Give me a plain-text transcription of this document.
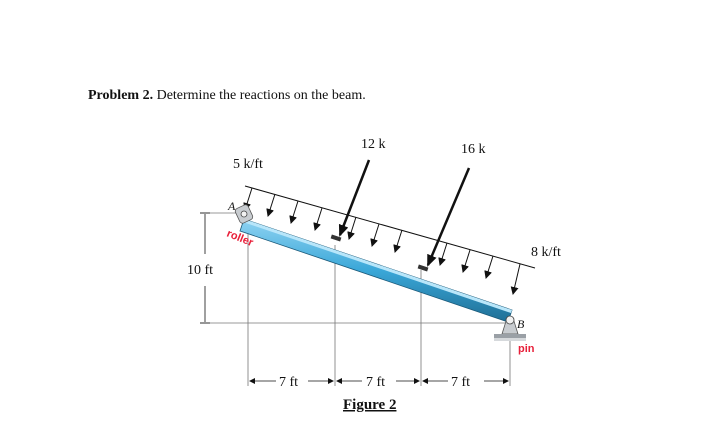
Problem 2. Determine the reactions on the beam.
5 k/ft
8 k/ft
12 k	16 k
10 ft
7 ft	7 ft	7 ft
A
B
roller
pin
Figure 2
